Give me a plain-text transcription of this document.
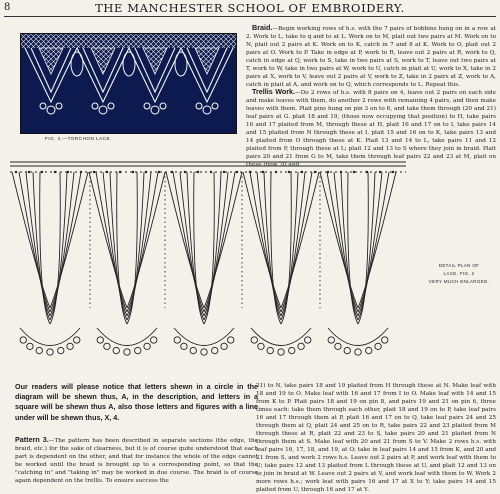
8	THE MANCHESTER SCHOOL OF EMBROIDERY.
FIG. 2.—TORCHON LACE.

Braid.—Begin working rows of h.s. with the 7 pairs of bobbins hung on in a row at 2. Work to L, take to q and to at L. Work on to M, plait out two pairs at M. Work on to N, plait out 2 pairs at K. Work on to K, catch in 7 and 8 at K. Work to O, plait out 2 pairs at O. Work to P. Take in edge at P, work to R, leave out 2 pairs at R, work to Q, catch in edge at Q, work to S, take in two pairs at S, work to T, leave out two pairs at T, work to W, take in two pairs at W, work to U, catch in plait at U, work to X, take in 2 pairs at X, work to V, leave out 2 pairs at V, work to Z, take in 2 pairs at Z, work to A, catch in plait at A, and work on to Q, which corresponds to L. Repeat this.

Trellis Work.—Do 2 rows of h.s. with 8 pairs on 4, leave out 2 pairs on each side and make leaves with them, do another 2 rows with remaining 4 pairs, and then make leaves with them. Plait pins hung on pin 3 on to 6, and take them through (20 and 21) leaf pairs at G. plait 18 and 19, (those now occupying that position) to H, take pairs 16 and 17 plaited from M, through these at H, plait 16 and 17 on to I, take pairs 14 and 15 plaited from N through these at I, plait 15 and 16 on to K, take pairs 13 and 14 plaited from O through these at K. Plait 13 and 14 to L, take pairs 11 and 12 plaited from P, through these at L; plait 12 and 13 to S where they join in braid. Plait pairs 20 and 21 from G to M, take them through leaf pairs 22 and 23 at M, plait on these (now 20 and

DETAIL PLAN OF
LACE, FIG. 2
VERY MUCH ENLARGED.
Our readers will please notice that letters shewn in a circle in the diagram will be shewn thus, A, in the description, and letters in a square will be shewn thus A, also those letters and figures with a line under will be shewn thus, X, 4.
Pattern 3.—The pattern has been described in separate sections (the edge, the braid, etc.) for the sake of clearness, but it is of course quite understood that each part is dependent on the other, and that for instance the whole of the edge cannot be worked until the braid is brought up to a corresponding point, so that the "catching in" and "taking in" may be worked in due course. The braid is of course again dependent on the trellis. To ensure success the
21) to N, take pairs 18 and 19 plaited from H through these at N. Make leaf with 18 and 19 to O. Make leaf with 16 and 17 from I to O. Make leaf with 14 and 15 from K to P. Plait pairs 18 and 19 on pin 8, and pairs 19 and 21 on pin 6, three times each: take them through each other, plait 18 and 19 on to P, take leaf pairs 16 and 17 through them at P, plait 16 and 17 on to Q, take leaf pairs 24 and 25 through them at Q, plait 24 and 25 on to R, take pairs 22 and 23 plaited from M through these at R, plait 22 and 23 to S, take pairs 20 and 21 plaited from N through them at S. Make leaf with 20 and 21 from S to V. Make 2 rows h.s. with leaf pairs 16, 17, 18, and 19, at O; take in leaf pairs 14 and 15 from K, and 20 and 21 from S, and work 2 rows h.s. Leave out 2 pairs at P, and work leaf with them to U; take pairs 12 and 13 plaited from L through these at U, and plait 12 and 13 on to join in braid at W. Leave out 2 pairs at V, and work leaf with them to W. Work 2 more rows h.s.; work leaf with pairs 16 and 17 at X to Y; take pairs 14 and 15 plaited from U, through 16 and 17 at Y.
